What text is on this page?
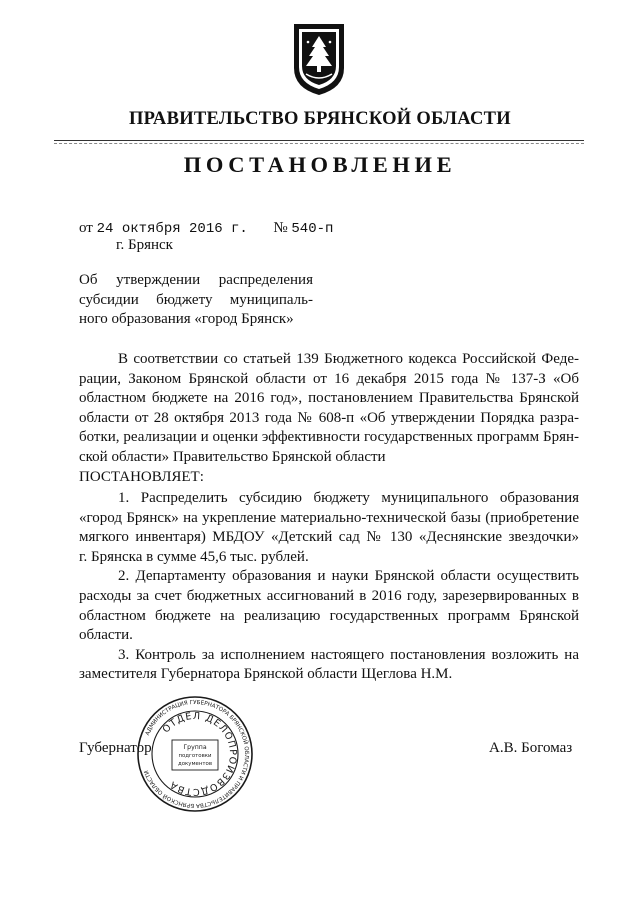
ПРАВИТЕЛЬСТВО БРЯНСКОЙ ОБЛАСТИ
ПОСТАНОВЛЕНИЕ
от 24 октября 2016 г. № 540-п
г. Брянск
Об утверждении распределения
субсидии бюджету муниципаль-
ного образования «город Брянск»
В соответствии со статьей 139 Бюджетного кодекса Российской Феде-
рации, Законом Брянской области от 16 декабря 2015 года № 137-З «Об
областном бюджете на 2016 год», постановлением Правительства Брянской
области от 28 октября 2013 года № 608-п «Об утверждении Порядка разра-
ботки, реализации и оценки эффективности государственных программ Брян-
ской области» Правительство Брянской области
ПОСТАНОВЛЯЕТ:
1. Распределить субсидию бюджету муниципального образования
«город Брянск» на укрепление материально-технической базы (приобретение
мягкого инвентаря) МБДОУ «Детский сад № 130 «Деснянские звездочки»
г. Брянска в сумме 45,6 тыс. рублей.
2. Департаменту образования и науки Брянской области осуществить
расходы за счет бюджетных ассигнований в 2016 году, зарезервированных в
областном бюджете на реализацию государственных программ Брянской
области.
3. Контроль за исполнением настоящего постановления возложить на
заместителя Губернатора Брянской области Щеглова Н.М.
Губернатор	А.В. Богомаз
АДМИНИСТРАЦИЯ ГУБЕРНАТОРА БРЯНСКОЙ ОБЛАСТИ И ПРАВИТЕЛЬСТВА БРЯНСКОЙ ОБЛАСТИ
ОТДЕЛ ДЕЛОПРОИЗВОДСТВА
Группа
подготовки
документов
